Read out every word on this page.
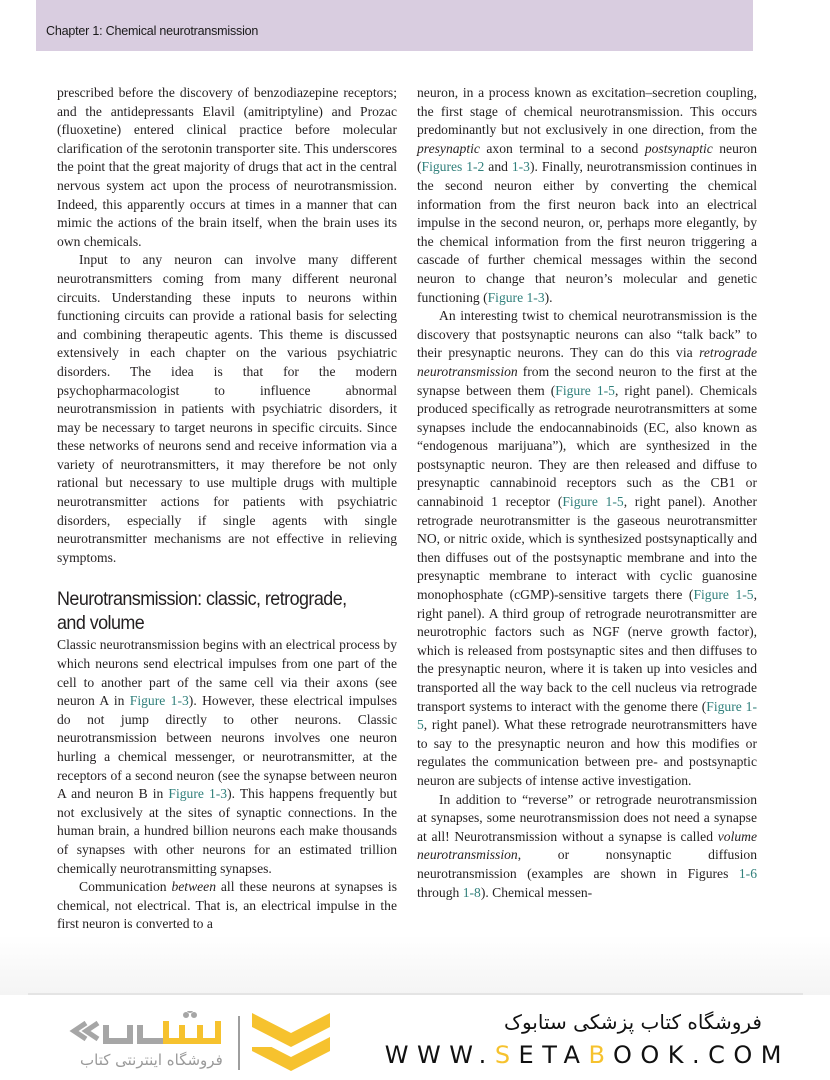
Chapter 1: Chemical neurotransmission

prescribed before the discovery of benzodiazepine receptors; and the antidepressants Elavil (amitriptyline) and Prozac (fluoxetine) entered clinical practice before molecular clarification of the serotonin transporter site. This underscores the point that the great majority of drugs that act in the central nervous system act upon the process of neurotransmission. Indeed, this apparently occurs at times in a manner that can mimic the actions of the brain itself, when the brain uses its own chemicals.

Input to any neuron can involve many different neurotransmitters coming from many different neuronal circuits. Understanding these inputs to neurons within functioning circuits can provide a rational basis for selecting and combining therapeutic agents. This theme is discussed extensively in each chapter on the various psychiatric disorders. The idea is that for the modern psychopharmacologist to influence abnormal neurotransmission in patients with psychiatric disorders, it may be necessary to target neurons in specific circuits. Since these networks of neurons send and receive information via a variety of neurotransmitters, it may therefore be not only rational but necessary to use multiple drugs with multiple neurotransmitter actions for patients with psychiatric disorders, especially if single agents with single neurotransmitter mechanisms are not effective in relieving symptoms.

Neurotransmission: classic, retrograde,
and volume

Classic neurotransmission begins with an electrical process by which neurons send electrical impulses from one part of the cell to another part of the same cell via their axons (see neuron A in Figure 1-3). However, these electrical impulses do not jump directly to other neurons. Classic neurotransmission between neurons involves one neuron hurling a chemical messenger, or neurotransmitter, at the receptors of a second neuron (see the synapse between neuron A and neuron B in Figure 1-3). This happens frequently but not exclusively at the sites of synaptic connections. In the human brain, a hundred billion neurons each make thousands of synapses with other neurons for an estimated trillion chemically neurotransmitting synapses.

Communication between all these neurons at synapses is chemical, not electrical. That is, an electrical impulse in the first neuron is converted to a

neuron, in a process known as excitation–secretion coupling, the first stage of chemical neurotransmission. This occurs predominantly but not exclusively in one direction, from the presynaptic axon terminal to a second postsynaptic neuron (Figures 1-2 and 1-3). Finally, neurotransmission continues in the second neuron either by converting the chemical information from the first neuron back into an electrical impulse in the second neuron, or, perhaps more elegantly, by the chemical information from the first neuron triggering a cascade of further chemical messages within the second neuron to change that neuron’s molecular and genetic functioning (Figure 1-3).

An interesting twist to chemical neurotransmission is the discovery that postsynaptic neurons can also “talk back” to their presynaptic neurons. They can do this via retrograde neurotransmission from the second neuron to the first at the synapse between them (Figure 1-5, right panel). Chemicals produced specifically as retrograde neurotransmitters at some synapses include the endocannabinoids (EC, also known as “endogenous marijuana”), which are synthesized in the postsynaptic neuron. They are then released and diffuse to presynaptic cannabinoid receptors such as the CB1 or cannabinoid 1 receptor (Figure 1-5, right panel). Another retrograde neurotransmitter is the gaseous neurotransmitter NO, or nitric oxide, which is synthesized postsynaptically and then diffuses out of the postsynaptic membrane and into the presynaptic membrane to interact with cyclic guanosine monophosphate (cGMP)-sensitive targets there (Figure 1-5, right panel). A third group of retrograde neurotransmitter are neurotrophic factors such as NGF (nerve growth factor), which is released from postsynaptic sites and then diffuses to the presynaptic neuron, where it is taken up into vesicles and transported all the way back to the cell nucleus via retrograde transport systems to interact with the genome there (Figure 1-5, right panel). What these retrograde neurotransmitters have to say to the presynaptic neuron and how this modifies or regulates the communication between pre- and postsynaptic neuron are subjects of intense active investigation.

In addition to “reverse” or retrograde neurotransmission at synapses, some neurotransmission does not need a synapse at all! Neurotransmission without a synapse is called volume neurotransmission, or nonsynaptic diffusion neurotransmission (examples are shown in Figures 1-6 through 1-8). Chemical messen-

فروشگاه اینترنتی کتاب
فروشگاه کتاب پزشکی ستابوک
WWW.SETABOOK.COM
